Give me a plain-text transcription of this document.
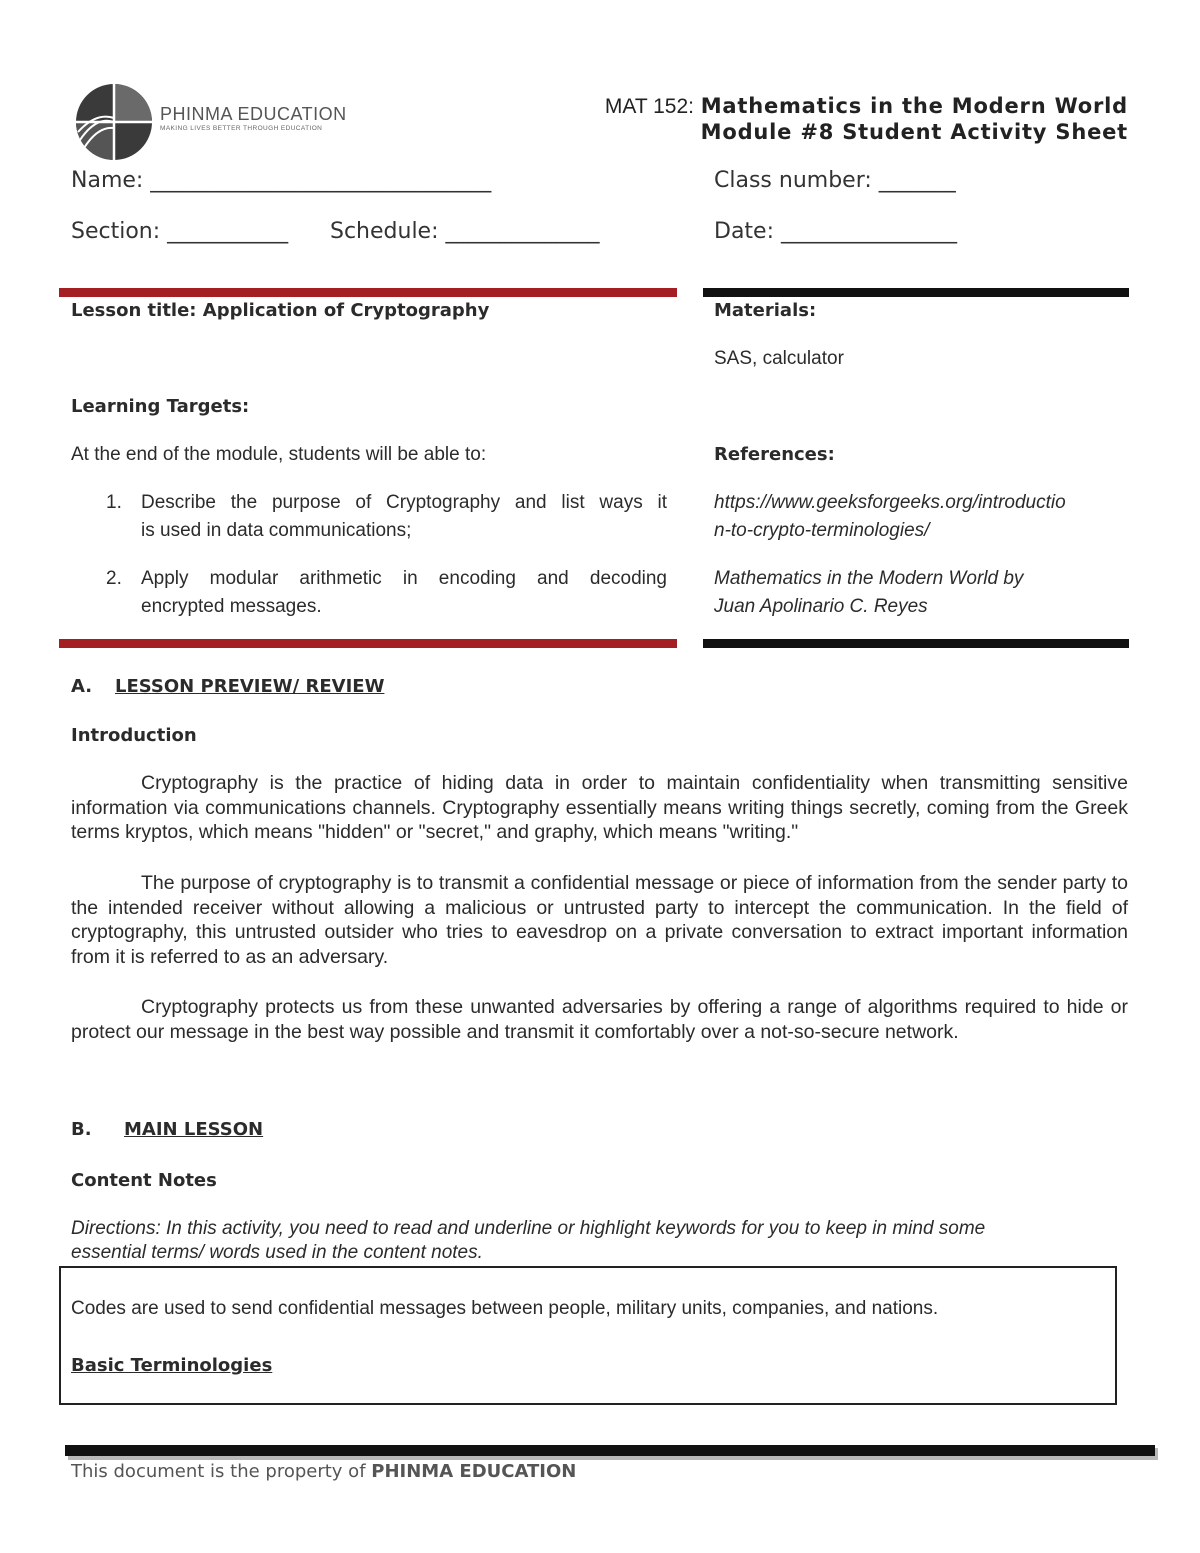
PHINMA EDUCATION
MAKING LIVES BETTER THROUGH EDUCATION
MAT 152: Mathematics in the Modern World
Module #8 Student Activity Sheet
Name: _______________________________	Class number: _______
Section: ___________ Schedule: ______________	Date: ________________
Lesson title: Application of Cryptography
Learning Targets:
At the end of the module, students will be able to:
1. Describe the purpose of Cryptography and list ways it
is used in data communications;
2. Apply modular arithmetic in encoding and decoding
encrypted messages.
Materials:
SAS, calculator
References:
https://www.geeksforgeeks.org/introductio
n-to-crypto-terminologies/
Mathematics in the Modern World by
Juan Apolinario C. Reyes
A. LESSON PREVIEW/ REVIEW
Introduction
Cryptography is the practice of hiding data in order to maintain confidentiality when transmitting sensitive information via communications channels. Cryptography essentially means writing things secretly, coming from the Greek terms kryptos, which means "hidden" or "secret," and graphy, which means "writing."
The purpose of cryptography is to transmit a confidential message or piece of information from the sender party to the intended receiver without allowing a malicious or untrusted party to intercept the communication. In the field of cryptography, this untrusted outsider who tries to eavesdrop on a private conversation to extract important information from it is referred to as an adversary.
Cryptography protects us from these unwanted adversaries by offering a range of algorithms required to hide or protect our message in the best way possible and transmit it comfortably over a not-so-secure network.
B. MAIN LESSON
Content Notes
Directions: In this activity, you need to read and underline or highlight keywords for you to keep in mind some
essential terms/ words used in the content notes.
Codes are used to send confidential messages between people, military units, companies, and nations.
Basic Terminologies
This document is the property of PHINMA EDUCATION
